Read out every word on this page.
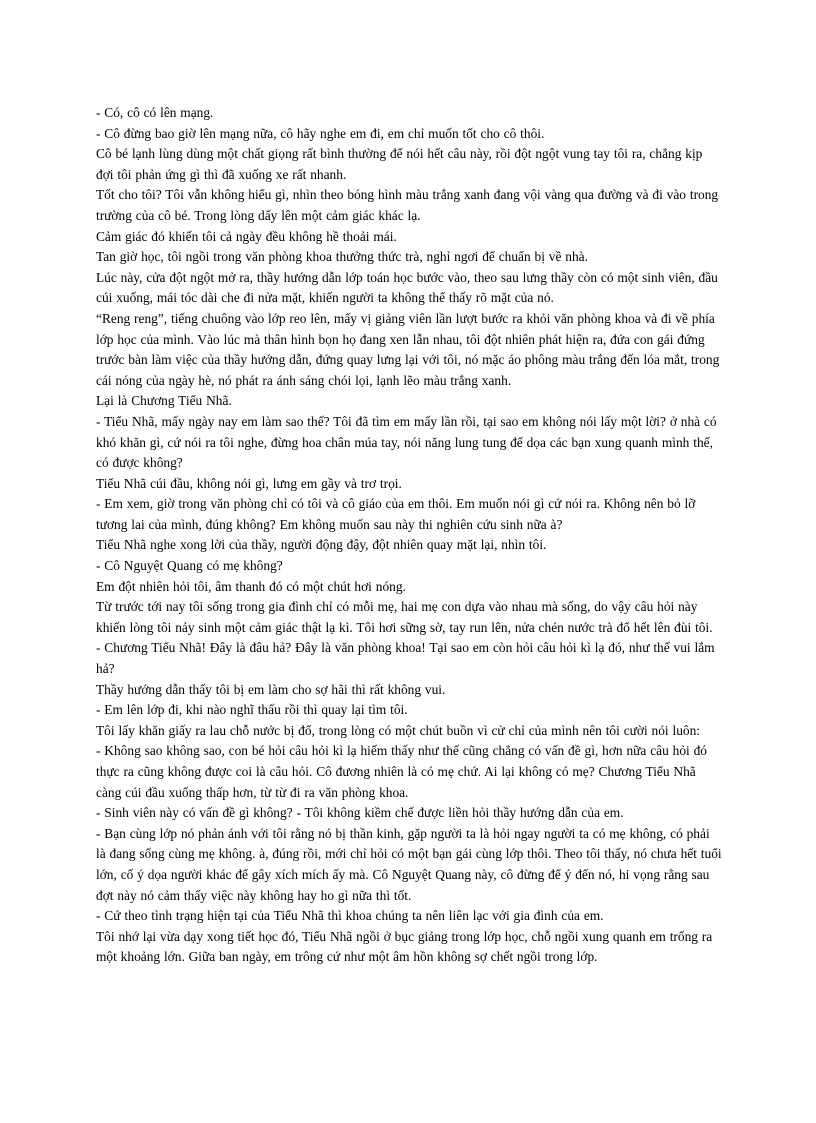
- Có, cô có lên mạng.

- Cô đừng bao giờ lên mạng nữa, cô hãy nghe em đi, em chỉ muốn tốt cho cô thôi.

Cô bé lạnh lùng dùng một chất giọng rất bình thường để nói hết câu này, rồi đột ngột vung tay tôi ra, chẳng kịp đợi tôi phản ứng gì thì đã xuống xe rất nhanh.

Tốt cho tôi? Tôi vẫn không hiểu gì, nhìn theo bóng hình màu trắng xanh đang vội vàng qua đường và đi vào trong trường của cô bé. Trong lòng dấy lên một cảm giác khác lạ.

Cảm giác đó khiến tôi cả ngày đều không hề thoải mái.

Tan giờ học, tôi ngồi trong văn phòng khoa thưởng thức trà, nghỉ ngơi để chuẩn bị về nhà.

Lúc này, cửa đột ngột mở ra, thầy hướng dẫn lớp toán học bước vào, theo sau lưng thầy còn có một sinh viên, đầu cúi xuống, mái tóc dài che đi nửa mặt, khiến người ta không thể thấy rõ mặt của nó.

“Reng reng”, tiếng chuông vào lớp reo lên, mấy vị giảng viên lần lượt bước ra khỏi văn phòng khoa và đi về phía lớp học của mình. Vào lúc mà thân hình bọn họ đang xen lẫn nhau, tôi đột nhiên phát hiện ra, đứa con gái đứng trước bàn làm việc của thầy hướng dẫn, đứng quay lưng lại với tôi, nó mặc áo phông màu trắng đến lóa mắt, trong cái nóng của ngày hè, nó phát ra ánh sáng chói lọi, lạnh lẽo màu trắng xanh.

Lại là Chương Tiểu Nhã.

- Tiểu Nhã, mấy ngày nay em làm sao thế? Tôi đã tìm em mấy lần rồi, tại sao em không nói lấy một lời? ở nhà có khó khăn gì, cứ nói ra tôi nghe, đừng hoa chân múa tay, nói năng lung tung để dọa các bạn xung quanh mình thế, có được không?

Tiểu Nhã cúi đầu, không nói gì, lưng em gầy và trơ trọi.

- Em xem, giờ trong văn phòng chỉ có tôi và cô giáo của em thôi. Em muốn nói gì cứ nói ra. Không nên bỏ lỡ tương lai của mình, đúng không? Em không muốn sau này thi nghiên cứu sinh nữa à?

Tiểu Nhã nghe xong lời của thầy, người động đậy, đột nhiên quay mặt lại, nhìn tôi.

- Cô Nguyệt Quang có mẹ không?

Em đột nhiên hỏi tôi, âm thanh đó có một chút hơi nóng.

Từ trước tới nay tôi sống trong gia đình chỉ có mỗi mẹ, hai mẹ con dựa vào nhau mà sống, do vậy câu hỏi này khiến lòng tôi nảy sinh một cảm giác thật lạ kì. Tôi hơi sững sờ, tay run lên, nửa chén nước trà đổ hết lên đùi tôi.

- Chương Tiểu Nhã! Đây là đâu hả? Đây là văn phòng khoa! Tại sao em còn hỏi câu hỏi kì lạ đó, như thế vui lắm hả?

Thầy hướng dẫn thấy tôi bị em làm cho sợ hãi thì rất không vui.

- Em lên lớp đi, khi nào nghĩ thấu rồi thì quay lại tìm tôi.

Tôi lấy khăn giấy ra lau chỗ nước bị đổ, trong lòng có một chút buồn vì cử chỉ của mình nên tôi cười nói luôn:

- Không sao không sao, con bé hỏi câu hỏi kì lạ hiếm thấy như thế cũng chẳng có vấn đề gì, hơn nữa câu hỏi đó thực ra cũng không được coi là câu hỏi. Cô đương nhiên là có mẹ chứ. Ai lại không có mẹ? Chương Tiểu Nhã càng cúi đầu xuống thấp hơn, từ từ đi ra văn phòng khoa.

- Sinh viên này có vấn đề gì không? - Tôi không kiềm chế được liền hỏi thầy hướng dẫn của em.

- Bạn cùng lớp nó phản ánh với tôi rằng nó bị thần kinh, gặp người ta là hỏi ngay người ta có mẹ không, có phải là đang sống cùng mẹ không. à, đúng rồi, mới chỉ hỏi có một bạn gái cùng lớp thôi. Theo tôi thấy, nó chưa hết tuổi lớn, cố ý dọa người khác để gây xích mích ấy mà. Cô Nguyệt Quang này, cô đừng để ý đến nó, hi vọng rằng sau đợt này nó cảm thấy việc này không hay ho gì nữa thì tốt.

- Cứ theo tình trạng hiện tại của Tiểu Nhã thì khoa chúng ta nên liên lạc với gia đình của em.

Tôi nhớ lại vừa dạy xong tiết học đó, Tiểu Nhã ngồi ở bục giảng trong lớp học, chỗ ngồi xung quanh em trống ra một khoảng lớn. Giữa ban ngày, em trông cứ như một âm hồn không sợ chết ngồi trong lớp.
